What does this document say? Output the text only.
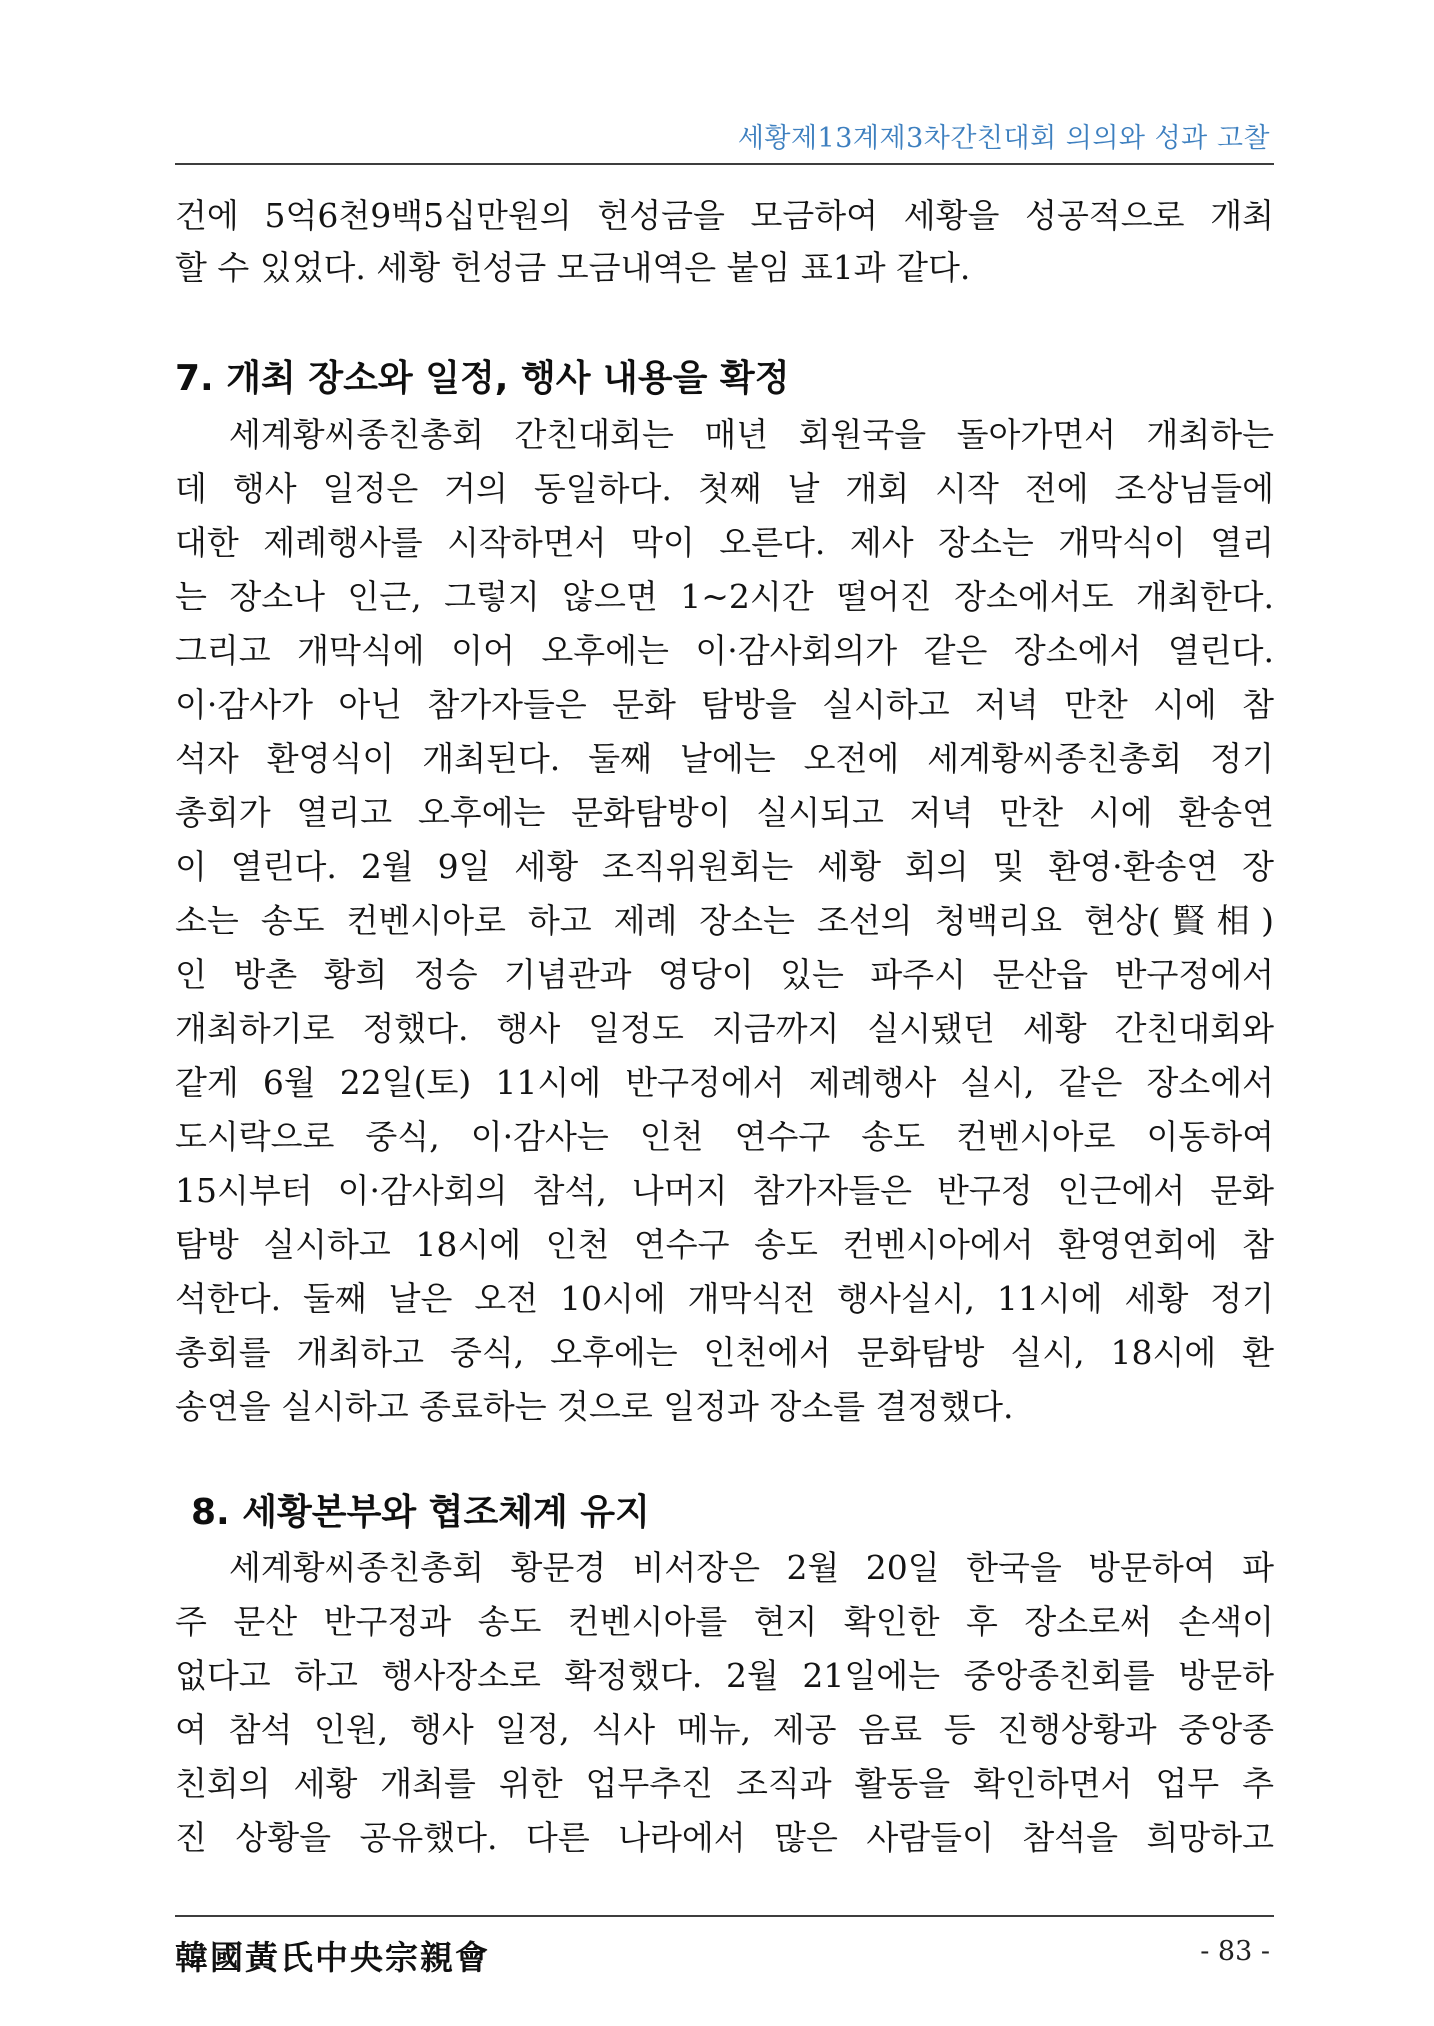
세황제13계제3차간친대회 의의와 성과 고찰
건에 5억6천9백5십만원의 헌성금을 모금하여 세황을 성공적으로 개최
할 수 있었다. 세황 헌성금 모금내역은 붙임 표1과 같다.
7. 개최 장소와 일정, 행사 내용을 확정
세계황씨종친총회 간친대회는 매년 회원국을 돌아가면서 개최하는
데 행사 일정은 거의 동일하다. 첫째 날 개회 시작 전에 조상님들에
대한 제례행사를 시작하면서 막이 오른다. 제사 장소는 개막식이 열리
는 장소나 인근, 그렇지 않으면 1~2시간 떨어진 장소에서도 개최한다.
그리고 개막식에 이어 오후에는 이·감사회의가 같은 장소에서 열린다.
이·감사가 아닌 참가자들은 문화 탐방을 실시하고 저녁 만찬 시에 참
석자 환영식이 개최된다. 둘째 날에는 오전에 세계황씨종친총회 정기
총회가 열리고 오후에는 문화탐방이 실시되고 저녁 만찬 시에 환송연
이 열린다. 2월 9일 세황 조직위원회는 세황 회의 및 환영·환송연 장
소는 송도 컨벤시아로 하고 제례 장소는 조선의 청백리요 현상(賢相)
인 방촌 황희 정승 기념관과 영당이 있는 파주시 문산읍 반구정에서
개최하기로 정했다. 행사 일정도 지금까지 실시됐던 세황 간친대회와
같게 6월 22일(토) 11시에 반구정에서 제례행사 실시, 같은 장소에서
도시락으로 중식, 이·감사는 인천 연수구 송도 컨벤시아로 이동하여
15시부터 이·감사회의 참석, 나머지 참가자들은 반구정 인근에서 문화
탐방 실시하고 18시에 인천 연수구 송도 컨벤시아에서 환영연회에 참
석한다. 둘째 날은 오전 10시에 개막식전 행사실시, 11시에 세황 정기
총회를 개최하고 중식, 오후에는 인천에서 문화탐방 실시, 18시에 환
송연을 실시하고 종료하는 것으로 일정과 장소를 결정했다.
8. 세황본부와 협조체계 유지
세계황씨종친총회 황문경 비서장은 2월 20일 한국을 방문하여 파
주 문산 반구정과 송도 컨벤시아를 현지 확인한 후 장소로써 손색이
없다고 하고 행사장소로 확정했다. 2월 21일에는 중앙종친회를 방문하
여 참석 인원, 행사 일정, 식사 메뉴, 제공 음료 등 진행상황과 중앙종
친회의 세황 개최를 위한 업무추진 조직과 활동을 확인하면서 업무 추
진 상황을 공유했다. 다른 나라에서 많은 사람들이 참석을 희망하고
韓國黃氏中央宗親會	- 83 -
